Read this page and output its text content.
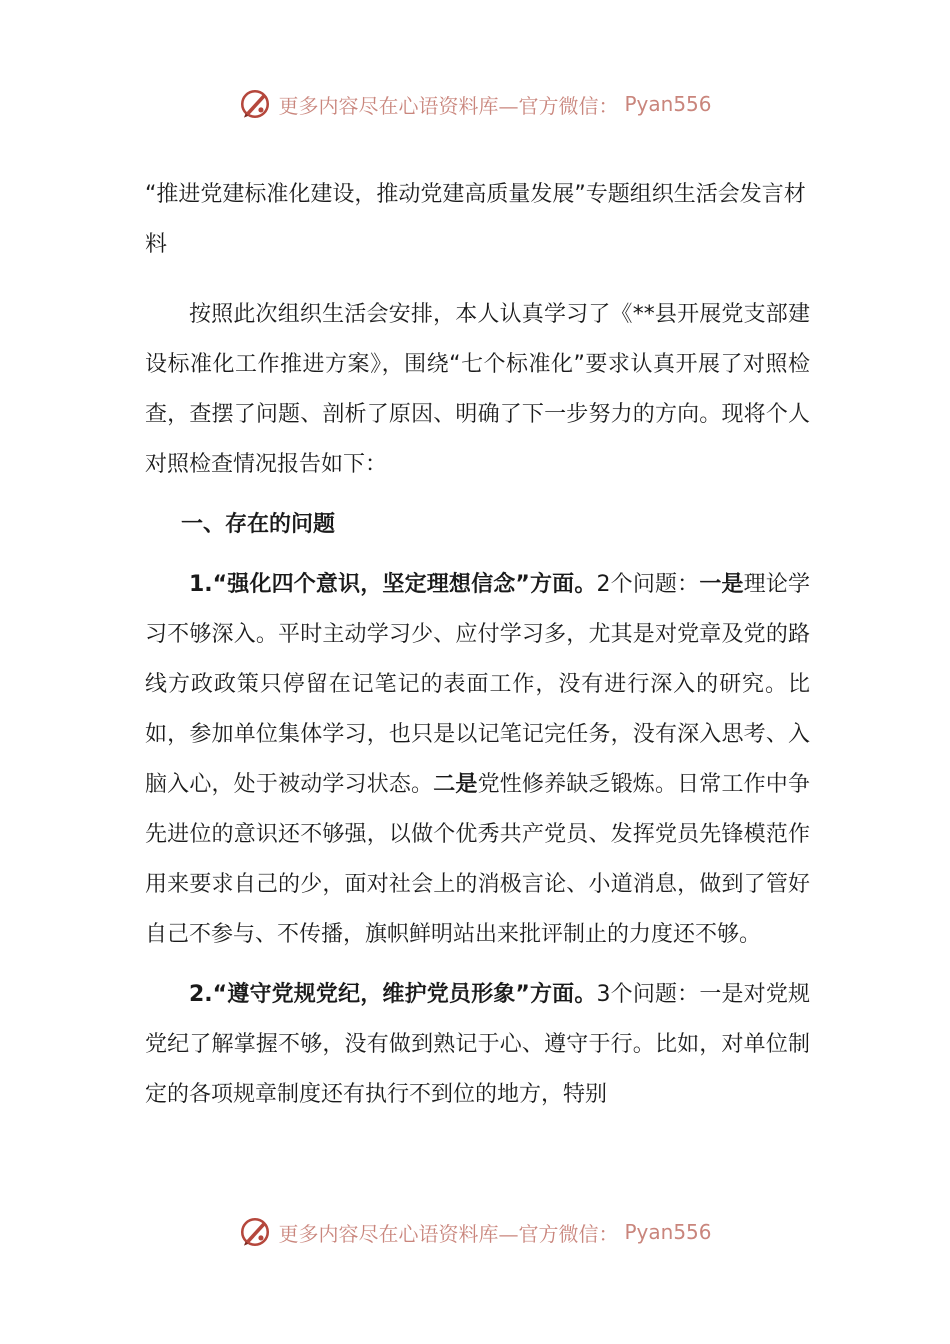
更多内容尽在心语资料库—官方微信： Pyan556

“推进党建标准化建设，推动党建高质量发展”专题组织生活会发言材料

按照此次组织生活会安排，本人认真学习了《**县开展党支部建设标准化工作推进方案》，围绕“七个标准化”要求认真开展了对照检查，查摆了问题、剖析了原因、明确了下一步努力的方向。现将个人对照检查情况报告如下：

一、存在的问题

1.“强化四个意识，坚定理想信念”方面。2个问题：一是理论学习不够深入。平时主动学习少、应付学习多，尤其是对党章及党的路线方政政策只停留在记笔记的表面工作，没有进行深入的研究。比如，参加单位集体学习，也只是以记笔记完任务，没有深入思考、入脑入心，处于被动学习状态。二是党性修养缺乏锻炼。日常工作中争先进位的意识还不够强，以做个优秀共产党员、发挥党员先锋模范作用来要求自己的少，面对社会上的消极言论、小道消息，做到了管好自己不参与、不传播，旗帜鲜明站出来批评制止的力度还不够。

2.“遵守党规党纪，维护党员形象”方面。3个问题：一是对党规党纪了解掌握不够，没有做到熟记于心、遵守于行。比如，对单位制定的各项规章制度还有执行不到位的地方，特别

更多内容尽在心语资料库—官方微信： Pyan556
